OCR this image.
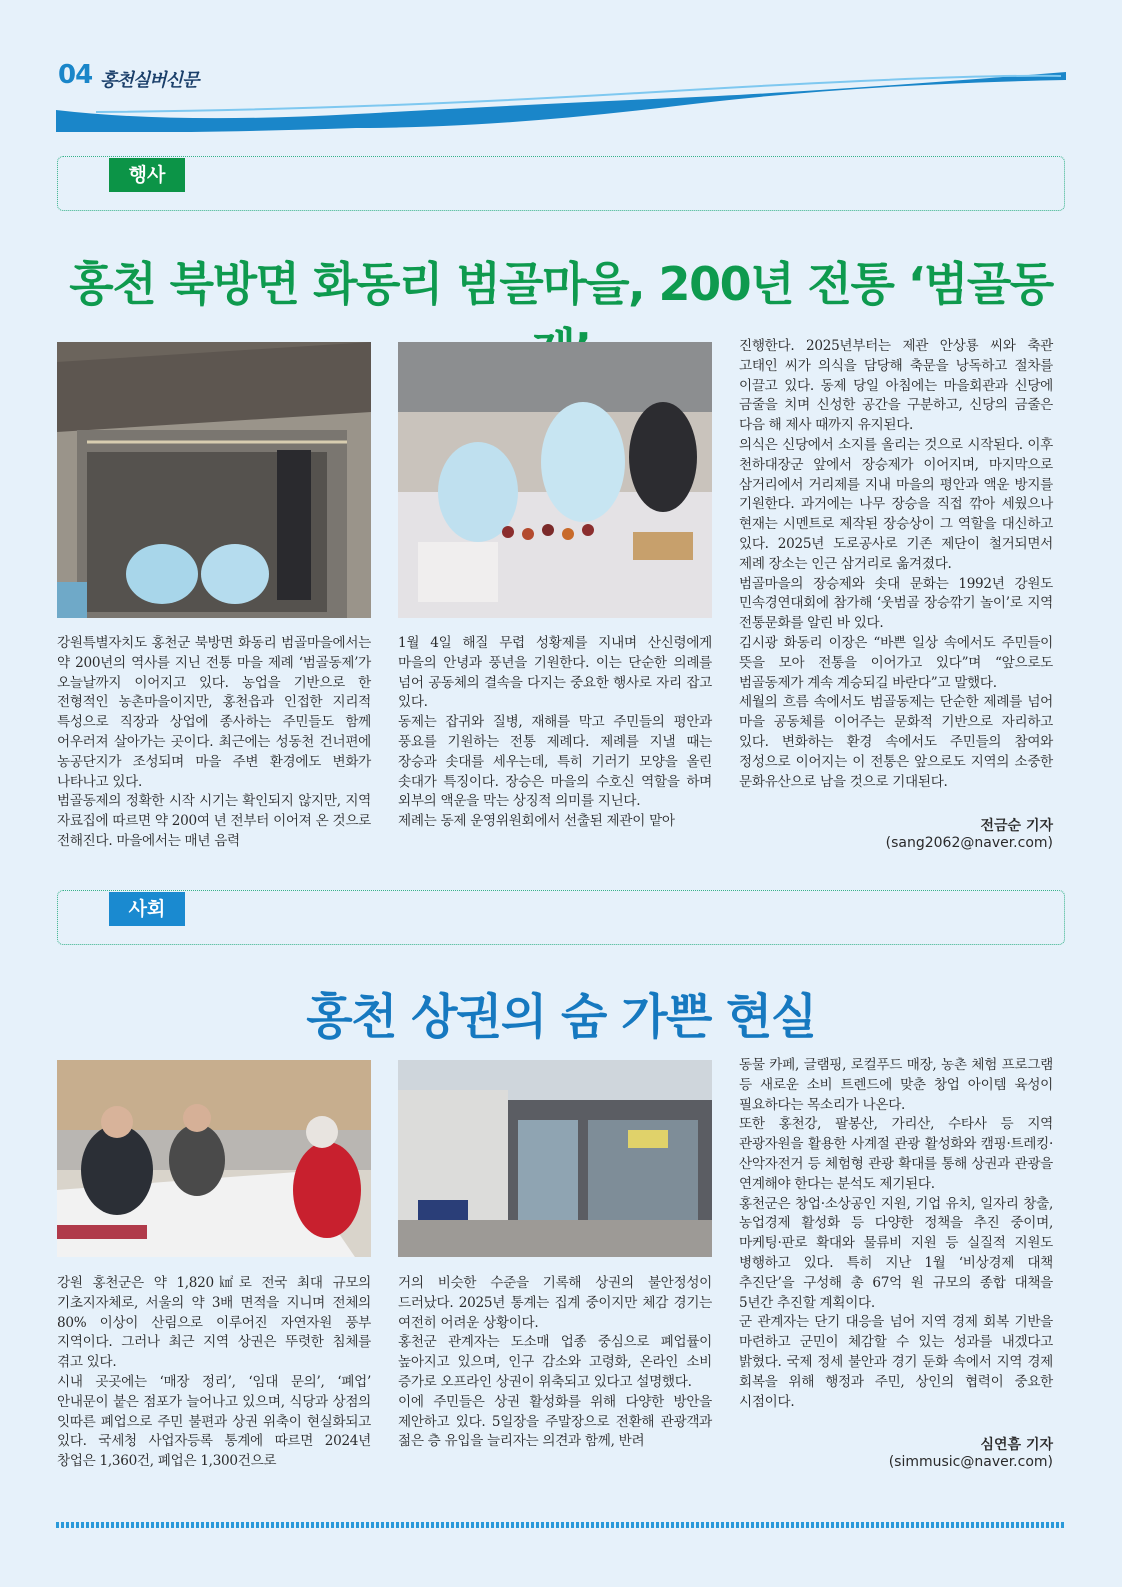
04 홍천실버신문
행사
홍천 북방면 화동리 범골마을, 200년 전통 ‘범골동

강원특별자치도 홍천군 북방면 화동리 범골마을에서는 약 200년의 역사를 지닌 전통 마을 제례 ‘범골동제’가 오늘날까지 이어지고 있다. 농업을 기반으로 한 전형적인 농촌마을이지만, 홍천읍과 인접한 지리적 특성으로 직장과 상업에 종사하는 주민들도 함께 어우러져 살아가는 곳이다. 최근에는 성동천 건너편에 농공단지가 조성되며 마을 주변 환경에도 변화가 나타나고 있다.

범골동제의 정확한 시작 시기는 확인되지 않지만, 지역 자료집에 따르면 약 200여 년 전부터 이어져 온 것으로 전해진다. 마을에서는 매년 음력

1월 4일 해질 무렵 성황제를 지내며 산신령에게 마을의 안녕과 풍년을 기원한다. 이는 단순한 의례를 넘어 공동체의 결속을 다지는 중요한 행사로 자리 잡고 있다.

동제는 잡귀와 질병, 재해를 막고 주민들의 평안과 풍요를 기원하는 전통 제례다. 제례를 지낼 때는 장승과 솟대를 세우는데, 특히 기러기 모양을 올린 솟대가 특징이다. 장승은 마을의 수호신 역할을 하며 외부의 액운을 막는 상징적 의미를 지닌다.

제례는 동제 운영위원회에서 선출된 제관이 맡아

진행한다. 2025년부터는 제관 안상룡 씨와 축관 고태인 씨가 의식을 담당해 축문을 낭독하고 절차를 이끌고 있다. 동제 당일 아침에는 마을회관과 신당에 금줄을 치며 신성한 공간을 구분하고, 신당의 금줄은 다음 해 제사 때까지 유지된다.

의식은 신당에서 소지를 올리는 것으로 시작된다. 이후 천하대장군 앞에서 장승제가 이어지며, 마지막으로 삼거리에서 거리제를 지내 마을의 평안과 액운 방지를 기원한다. 과거에는 나무 장승을 직접 깎아 세웠으나 현재는 시멘트로 제작된 장승상이 그 역할을 대신하고 있다. 2025년 도로공사로 기존 제단이 철거되면서 제례 장소는 인근 삼거리로 옮겨졌다.

범골마을의 장승제와 솟대 문화는 1992년 강원도 민속경연대회에 참가해 ‘웃범골 장승깎기 놀이’로 지역 전통문화를 알린 바 있다.

김시광 화동리 이장은 “바쁜 일상 속에서도 주민들이 뜻을 모아 전통을 이어가고 있다”며 “앞으로도 범골동제가 계속 계승되길 바란다”고 말했다.

세월의 흐름 속에서도 범골동제는 단순한 제례를 넘어 마을 공동체를 이어주는 문화적 기반으로 자리하고 있다. 변화하는 환경 속에서도 주민들의 참여와 정성으로 이어지는 이 전통은 앞으로도 지역의 소중한 문화유산으로 남을 것으로 기대된다.

전금순 기자
(sang2062@naver.com)
사회
홍천 상권의 숨 가쁜 현실

강원 홍천군은 약 1,820㎢로 전국 최대 규모의 기초지자체로, 서울의 약 3배 면적을 지니며 전체의 80% 이상이 산림으로 이루어진 자연자원 풍부 지역이다. 그러나 최근 지역 상권은 뚜렷한 침체를 겪고 있다.

시내 곳곳에는 ‘매장 정리’, ‘임대 문의’, ‘폐업’ 안내문이 붙은 점포가 늘어나고 있으며, 식당과 상점의 잇따른 폐업으로 주민 불편과 상권 위축이 현실화되고 있다. 국세청 사업자등록 통계에 따르면 2024년 창업은 1,360건, 폐업은 1,300건으로

거의 비슷한 수준을 기록해 상권의 불안정성이 드러났다. 2025년 통계는 집계 중이지만 체감 경기는 여전히 어려운 상황이다.

홍천군 관계자는 도소매 업종 중심으로 폐업률이 높아지고 있으며, 인구 감소와 고령화, 온라인 소비 증가로 오프라인 상권이 위축되고 있다고 설명했다.

이에 주민들은 상권 활성화를 위해 다양한 방안을 제안하고 있다. 5일장을 주말장으로 전환해 관광객과 젊은 층 유입을 늘리자는 의견과 함께, 반려

동물 카페, 글램핑, 로컬푸드 매장, 농촌 체험 프로그램 등 새로운 소비 트렌드에 맞춘 창업 아이템 육성이 필요하다는 목소리가 나온다.

또한 홍천강, 팔봉산, 가리산, 수타사 등 지역 관광자원을 활용한 사계절 관광 활성화와 캠핑·트레킹·산악자전거 등 체험형 관광 확대를 통해 상권과 관광을 연계해야 한다는 분석도 제기된다.

홍천군은 창업·소상공인 지원, 기업 유치, 일자리 창출, 농업경제 활성화 등 다양한 정책을 추진 중이며, 마케팅·판로 확대와 물류비 지원 등 실질적 지원도 병행하고 있다. 특히 지난 1월 ‘비상경제 대책 추진단’을 구성해 총 67억 원 규모의 종합 대책을 5년간 추진할 계획이다.

군 관계자는 단기 대응을 넘어 지역 경제 회복 기반을 마련하고 군민이 체감할 수 있는 성과를 내겠다고 밝혔다. 국제 정세 불안과 경기 둔화 속에서 지역 경제 회복을 위해 행정과 주민, 상인의 협력이 중요한 시점이다.

심연흠 기자
(simmusic@naver.com)
